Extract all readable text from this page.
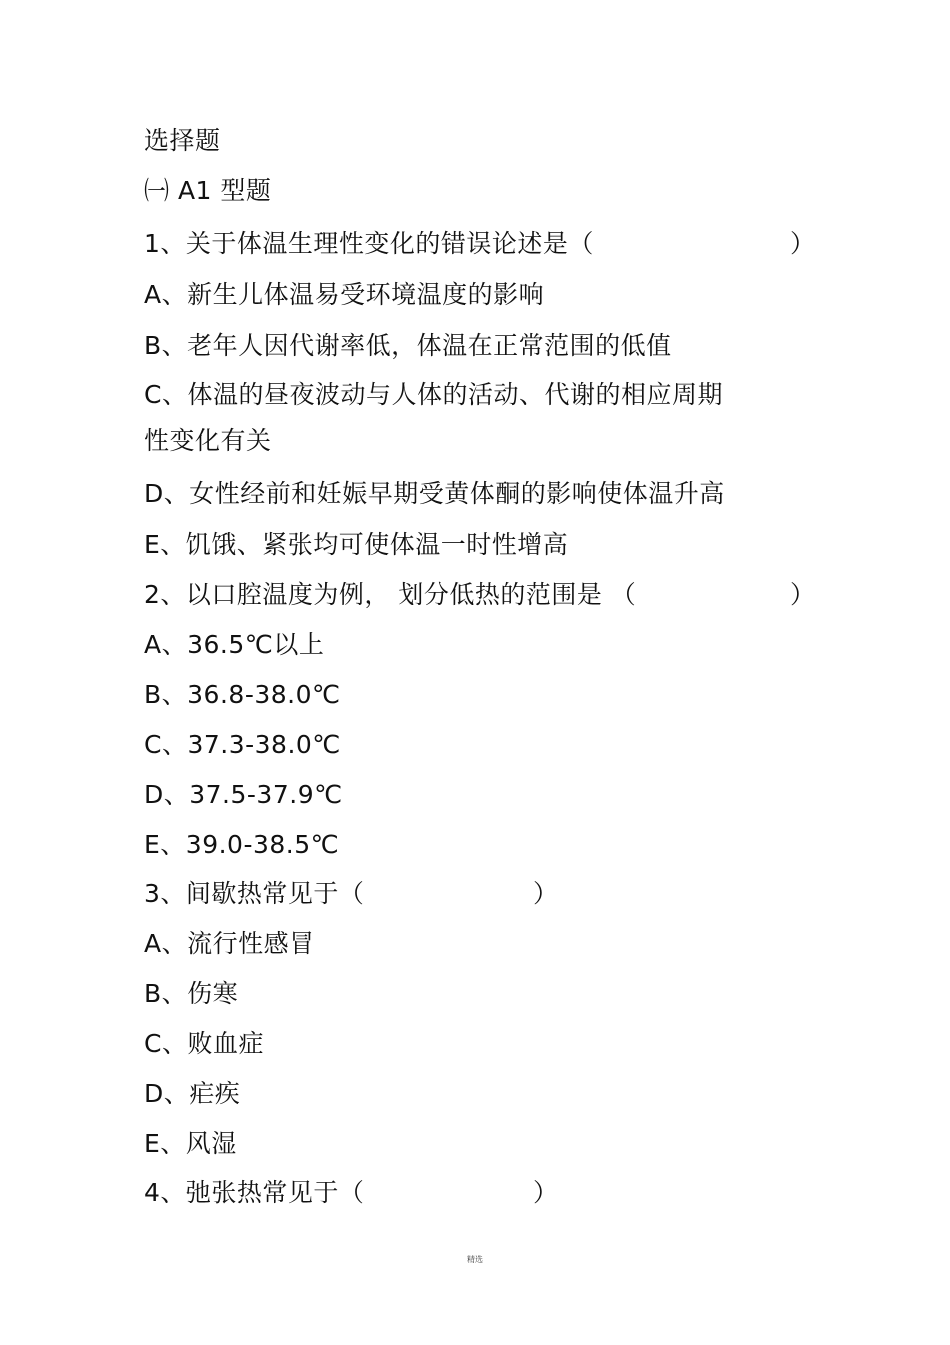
选择题
㈠ A1 型题
1、关于体温生理性变化的错误论述是（	）
A、新生儿体温易受环境温度的影响
B、老年人因代谢率低，体温在正常范围的低值
C、体温的昼夜波动与人体的活动、代谢的相应周期
性变化有关
D、女性经前和妊娠早期受黄体酮的影响使体温升高
E、饥饿、紧张均可使体温一时性增高
2、以口腔温度为例， 划分低热的范围是 （	）
A、36.5℃以上
B、36.8-38.0℃
C、37.3-38.0℃
D、37.5-37.9℃
E、39.0-38.5℃
3、间歇热常见于（	）
A、流行性感冒
B、伤寒
C、败血症
D、疟疾
E、风湿
4、弛张热常见于（	）
精选
